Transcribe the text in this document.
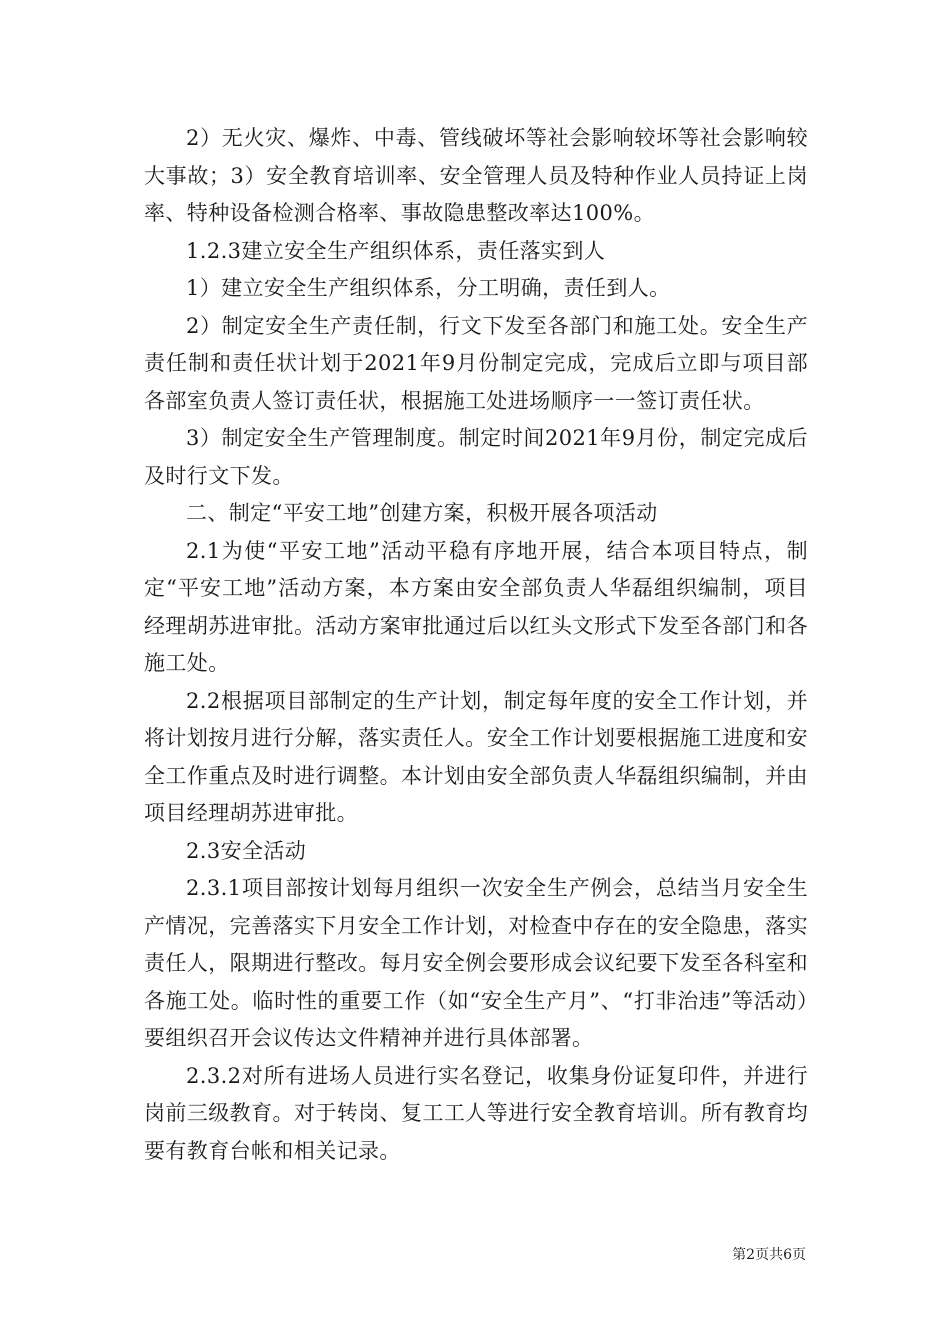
2）无火灾、爆炸、中毒、管线破坏等社会影响较坏等社会影响较大事故；3）安全教育培训率、安全管理人员及特种作业人员持证上岗率、特种设备检测合格率、事故隐患整改率达100%。

1.2.3建立安全生产组织体系，责任落实到人

1）建立安全生产组织体系，分工明确，责任到人。

2）制定安全生产责任制，行文下发至各部门和施工处。安全生产责任制和责任状计划于2021年9月份制定完成，完成后立即与项目部各部室负责人签订责任状，根据施工处进场顺序一一签订责任状。

3）制定安全生产管理制度。制定时间2021年9月份，制定完成后及时行文下发。

二、制定“平安工地”创建方案，积极开展各项活动

2.1为使“平安工地”活动平稳有序地开展，结合本项目特点，制定“平安工地”活动方案，本方案由安全部负责人华磊组织编制，项目经理胡苏进审批。活动方案审批通过后以红头文形式下发至各部门和各施工处。

2.2根据项目部制定的生产计划，制定每年度的安全工作计划，并将计划按月进行分解，落实责任人。安全工作计划要根据施工进度和安全工作重点及时进行调整。本计划由安全部负责人华磊组织编制，并由项目经理胡苏进审批。

2.3安全活动

2.3.1项目部按计划每月组织一次安全生产例会，总结当月安全生产情况，完善落实下月安全工作计划，对检查中存在的安全隐患，落实责任人，限期进行整改。每月安全例会要形成会议纪要下发至各科室和各施工处。临时性的重要工作（如“安全生产月”、“打非治违”等活动）要组织召开会议传达文件精神并进行具体部署。

2.3.2对所有进场人员进行实名登记，收集身份证复印件，并进行岗前三级教育。对于转岗、复工工人等进行安全教育培训。所有教育均要有教育台帐和相关记录。

第2页共6页
